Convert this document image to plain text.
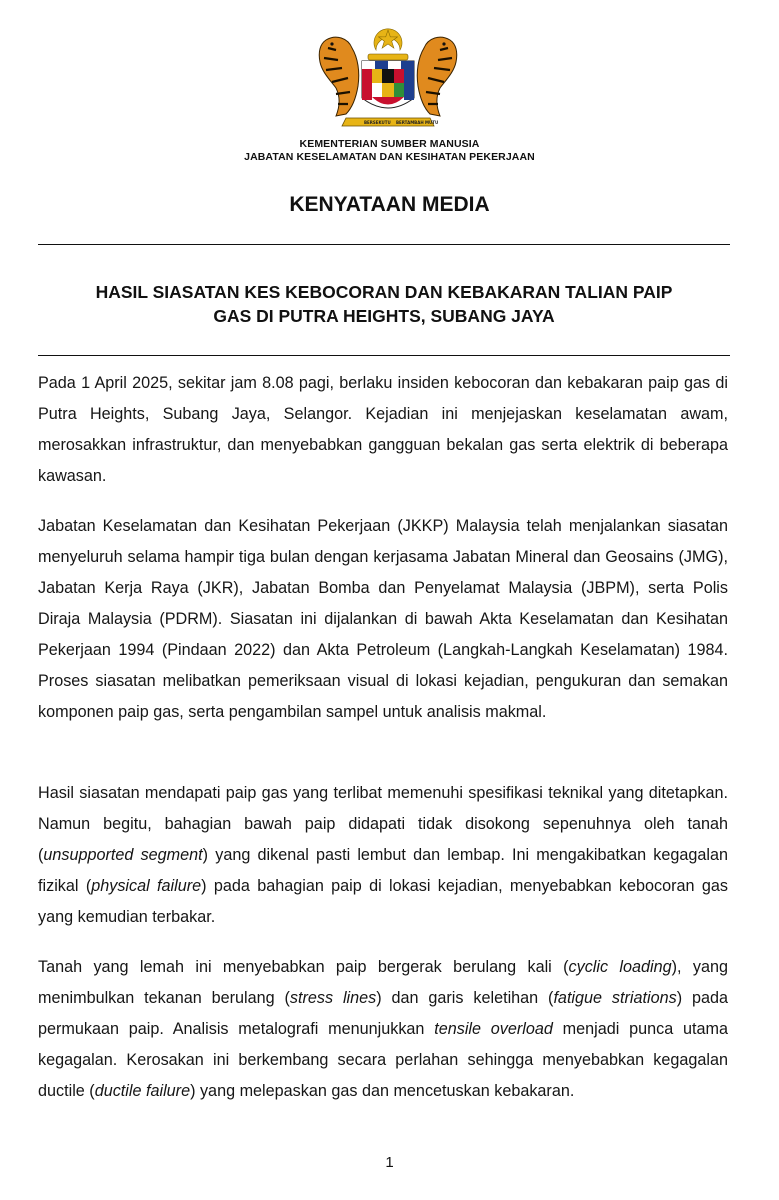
BERSEKUTU BERTAMBAH MUTU
KEMENTERIAN SUMBER MANUSIA
JABATAN KESELAMATAN DAN KESIHATAN PEKERJAAN
KENYATAAN MEDIA
HASIL SIASATAN KES KEBOCORAN DAN KEBAKARAN TALIAN PAIP
GAS DI PUTRA HEIGHTS, SUBANG JAYA

Pada 1 April 2025, sekitar jam 8.08 pagi, berlaku insiden kebocoran dan kebakaran paip gas di Putra Heights, Subang Jaya, Selangor. Kejadian ini menjejaskan keselamatan awam, merosakkan infrastruktur, dan menyebabkan gangguan bekalan gas serta elektrik di beberapa kawasan.

Jabatan Keselamatan dan Kesihatan Pekerjaan (JKKP) Malaysia telah menjalankan siasatan menyeluruh selama hampir tiga bulan dengan kerjasama Jabatan Mineral dan Geosains (JMG), Jabatan Kerja Raya (JKR), Jabatan Bomba dan Penyelamat Malaysia (JBPM), serta Polis Diraja Malaysia (PDRM). Siasatan ini dijalankan di bawah Akta Keselamatan dan Kesihatan Pekerjaan 1994 (Pindaan 2022) dan Akta Petroleum (Langkah-Langkah Keselamatan) 1984. Proses siasatan melibatkan pemeriksaan visual di lokasi kejadian, pengukuran dan semakan komponen paip gas, serta pengambilan sampel untuk analisis makmal.

Hasil siasatan mendapati paip gas yang terlibat memenuhi spesifikasi teknikal yang ditetapkan. Namun begitu, bahagian bawah paip didapati tidak disokong sepenuhnya oleh tanah (unsupported segment) yang dikenal pasti lembut dan lembap. Ini mengakibatkan kegagalan fizikal (physical failure) pada bahagian paip di lokasi kejadian, menyebabkan kebocoran gas yang kemudian terbakar.

Tanah yang lemah ini menyebabkan paip bergerak berulang kali (cyclic loading), yang menimbulkan tekanan berulang (stress lines) dan garis keletihan (fatigue striations) pada permukaan paip. Analisis metalografi menunjukkan tensile overload menjadi punca utama kegagalan. Kerosakan ini berkembang secara perlahan sehingga menyebabkan kegagalan ductile (ductile failure) yang melepaskan gas dan mencetuskan kebakaran.

1
